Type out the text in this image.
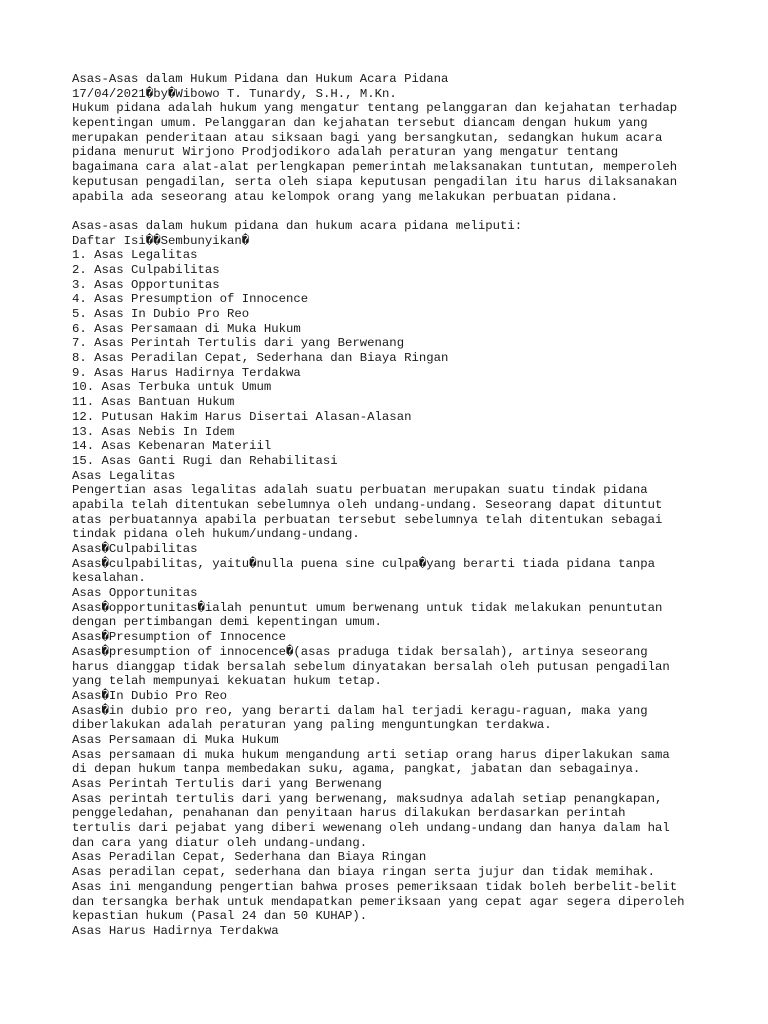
Asas-Asas dalam Hukum Pidana dan Hukum Acara Pidana
17/04/2021�by�Wibowo T. Tunardy, S.H., M.Kn.
Hukum pidana adalah hukum yang mengatur tentang pelanggaran dan kejahatan terhadap
kepentingan umum. Pelanggaran dan kejahatan tersebut diancam dengan hukum yang
merupakan penderitaan atau siksaan bagi yang bersangkutan, sedangkan hukum acara
pidana menurut Wirjono Prodjodikoro adalah peraturan yang mengatur tentang
bagaimana cara alat-alat perlengkapan pemerintah melaksanakan tuntutan, memperoleh
keputusan pengadilan, serta oleh siapa keputusan pengadilan itu harus dilaksanakan
apabila ada seseorang atau kelompok orang yang melakukan perbuatan pidana.
Asas-asas dalam hukum pidana dan hukum acara pidana meliputi:
Daftar Isi��Sembunyikan�
1. Asas Legalitas
2. Asas Culpabilitas
3. Asas Opportunitas
4. Asas Presumption of Innocence
5. Asas In Dubio Pro Reo
6. Asas Persamaan di Muka Hukum
7. Asas Perintah Tertulis dari yang Berwenang
8. Asas Peradilan Cepat, Sederhana dan Biaya Ringan
9. Asas Harus Hadirnya Terdakwa
10. Asas Terbuka untuk Umum
11. Asas Bantuan Hukum
12. Putusan Hakim Harus Disertai Alasan-Alasan
13. Asas Nebis In Idem
14. Asas Kebenaran Materiil
15. Asas Ganti Rugi dan Rehabilitasi
Asas Legalitas
Pengertian asas legalitas adalah suatu perbuatan merupakan suatu tindak pidana
apabila telah ditentukan sebelumnya oleh undang-undang. Seseorang dapat dituntut
atas perbuatannya apabila perbuatan tersebut sebelumnya telah ditentukan sebagai
tindak pidana oleh hukum/undang-undang.
Asas�Culpabilitas
Asas�culpabilitas, yaitu�nulla puena sine culpa�yang berarti tiada pidana tanpa
kesalahan.
Asas Opportunitas
Asas�opportunitas�ialah penuntut umum berwenang untuk tidak melakukan penuntutan
dengan pertimbangan demi kepentingan umum.
Asas�Presumption of Innocence
Asas�presumption of innocence�(asas praduga tidak bersalah), artinya seseorang
harus dianggap tidak bersalah sebelum dinyatakan bersalah oleh putusan pengadilan
yang telah mempunyai kekuatan hukum tetap.
Asas�In Dubio Pro Reo
Asas�in dubio pro reo, yang berarti dalam hal terjadi keragu-raguan, maka yang
diberlakukan adalah peraturan yang paling menguntungkan terdakwa.
Asas Persamaan di Muka Hukum
Asas persamaan di muka hukum mengandung arti setiap orang harus diperlakukan sama
di depan hukum tanpa membedakan suku, agama, pangkat, jabatan dan sebagainya.
Asas Perintah Tertulis dari yang Berwenang
Asas perintah tertulis dari yang berwenang, maksudnya adalah setiap penangkapan,
penggeledahan, penahanan dan penyitaan harus dilakukan berdasarkan perintah
tertulis dari pejabat yang diberi wewenang oleh undang-undang dan hanya dalam hal
dan cara yang diatur oleh undang-undang.
Asas Peradilan Cepat, Sederhana dan Biaya Ringan
Asas peradilan cepat, sederhana dan biaya ringan serta jujur dan tidak memihak.
Asas ini mengandung pengertian bahwa proses pemeriksaan tidak boleh berbelit-belit
dan tersangka berhak untuk mendapatkan pemeriksaan yang cepat agar segera diperoleh
kepastian hukum (Pasal 24 dan 50 KUHAP).
Asas Harus Hadirnya Terdakwa
